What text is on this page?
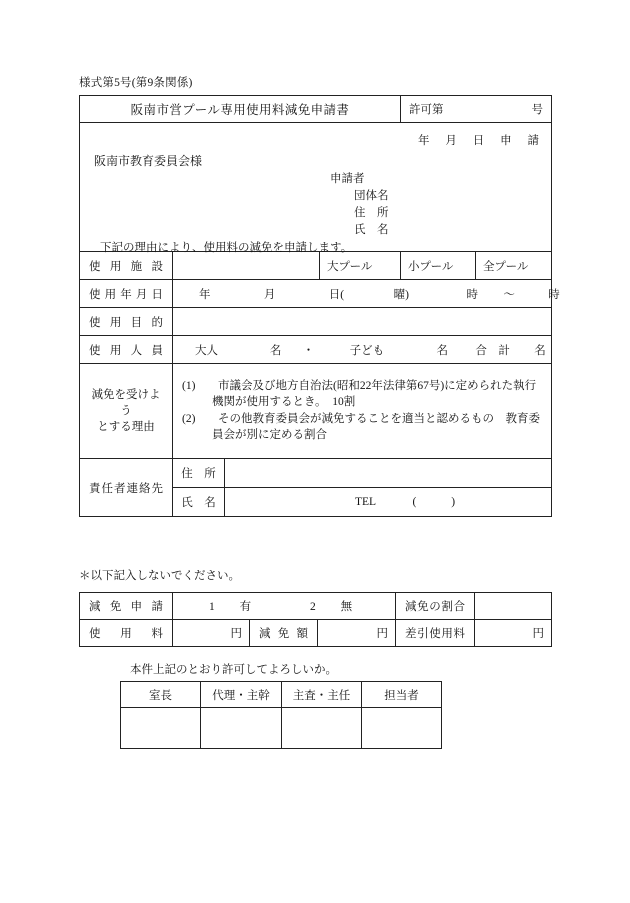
様式第5号(第9条関係)
阪南市営プール専用使用料減免申請書				許可第 号	

年 月 日 申 請
阪南市教育委員会様
申請者
団体名
住　所
氏　名
下記の理由により、使用料の減免を申請します。

使用施設			大プール	小プール	全プール

使用年月日	年 月 日( 曜) 時 ～ 時				

使用目的					

使用人員	大人 名 ・ 子ども 名 合　計 名				

減免を受けよう
とする理由

(1)	市議会及び地方自治法(昭和22年法律第67号)に定められた執行機関が使用するとき。　10割
(2)	その他教育委員会が減免することを適当と認めるもの　教育委員会が別に定める割合

責任者連絡先	住　所				
	氏　名	TEL ( )			
＊以下記入しないでください。
減免申請	1 有 2 無			減免の割合	

使用料	円	減免額	円	差引使用料	円
本件上記のとおり許可してよろしいか。
室長	代理・主幹	主査・主任	担当者
